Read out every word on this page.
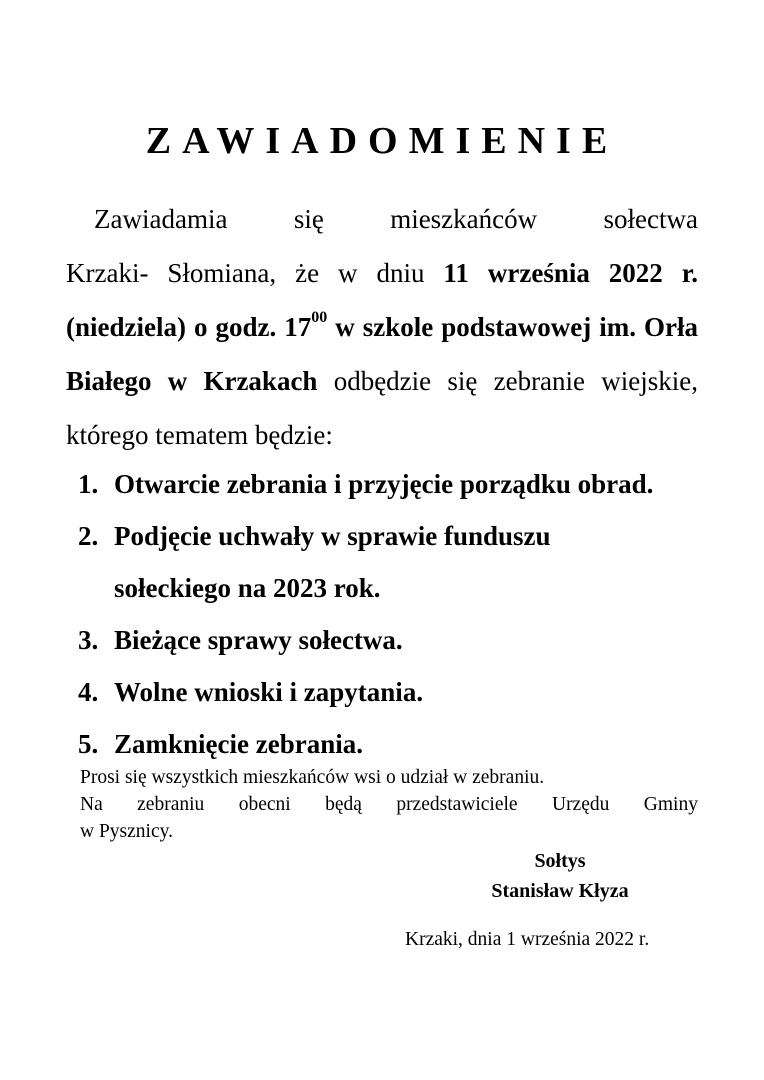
ZAWIADOMIENIE
Zawiadamia się mieszkańców sołectwa
Krzaki- Słomiana, że w dniu 11 września 2022 r. (niedziela) o godz. $17^{00}$ w szkole podstawowej im. Orła Białego w Krzakach odbędzie się zebranie wiejskie, którego tematem będzie:
1. Otwarcie zebrania i przyjęcie porządku obrad.
2. Podjęcie uchwały w sprawie funduszu
sołeckiego na 2023 rok.
3. Bieżące sprawy sołectwa.
4. Wolne wnioski i zapytania.
5. Zamknięcie zebrania.
Prosi się wszystkich mieszkańców wsi o udział w zebraniu.
Na zebraniu obecni będą przedstawiciele Urzędu Gminy
w Pysznicy.
Sołtys
Stanisław Kłyza
Krzaki, dnia 1 września 2022 r.
